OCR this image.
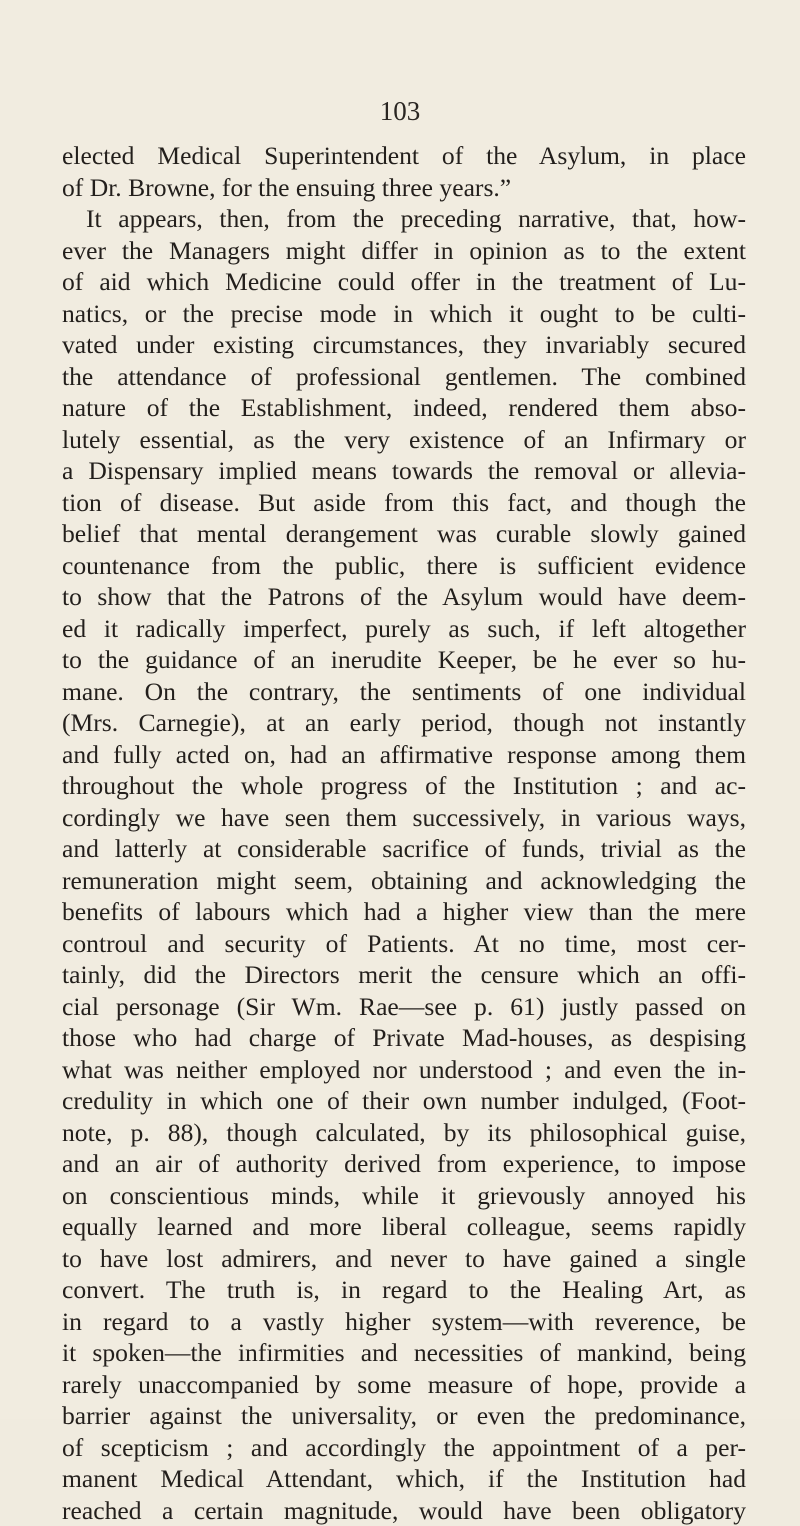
103
elected Medical Superintendent of the Asylum, in place
of Dr. Browne, for the ensuing three years.”
It appears, then, from the preceding narrative, that, how-
ever the Managers might differ in opinion as to the extent
of aid which Medicine could offer in the treatment of Lu-
natics, or the precise mode in which it ought to be culti-
vated under existing circumstances, they invariably secured
the attendance of professional gentlemen. The combined
nature of the Establishment, indeed, rendered them abso-
lutely essential, as the very existence of an Infirmary or
a Dispensary implied means towards the removal or allevia-
tion of disease. But aside from this fact, and though the
belief that mental derangement was curable slowly gained
countenance from the public, there is sufficient evidence
to show that the Patrons of the Asylum would have deem-
ed it radically imperfect, purely as such, if left altogether
to the guidance of an inerudite Keeper, be he ever so hu-
mane. On the contrary, the sentiments of one individual
(Mrs. Carnegie), at an early period, though not instantly
and fully acted on, had an affirmative response among them
throughout the whole progress of the Institution ; and ac-
cordingly we have seen them successively, in various ways,
and latterly at considerable sacrifice of funds, trivial as the
remuneration might seem, obtaining and acknowledging the
benefits of labours which had a higher view than the mere
controul and security of Patients. At no time, most cer-
tainly, did the Directors merit the censure which an offi-
cial personage (Sir Wm. Rae—see p. 61) justly passed on
those who had charge of Private Mad-houses, as despising
what was neither employed nor understood ; and even the in-
credulity in which one of their own number indulged, (Foot-
note, p. 88), though calculated, by its philosophical guise,
and an air of authority derived from experience, to impose
on conscientious minds, while it grievously annoyed his
equally learned and more liberal colleague, seems rapidly
to have lost admirers, and never to have gained a single
convert. The truth is, in regard to the Healing Art, as
in regard to a vastly higher system—with reverence, be
it spoken—the infirmities and necessities of mankind, being
rarely unaccompanied by some measure of hope, provide a
barrier against the universality, or even the predominance,
of scepticism ; and accordingly the appointment of a per-
manent Medical Attendant, which, if the Institution had
reached a certain magnitude, would have been obligatory
